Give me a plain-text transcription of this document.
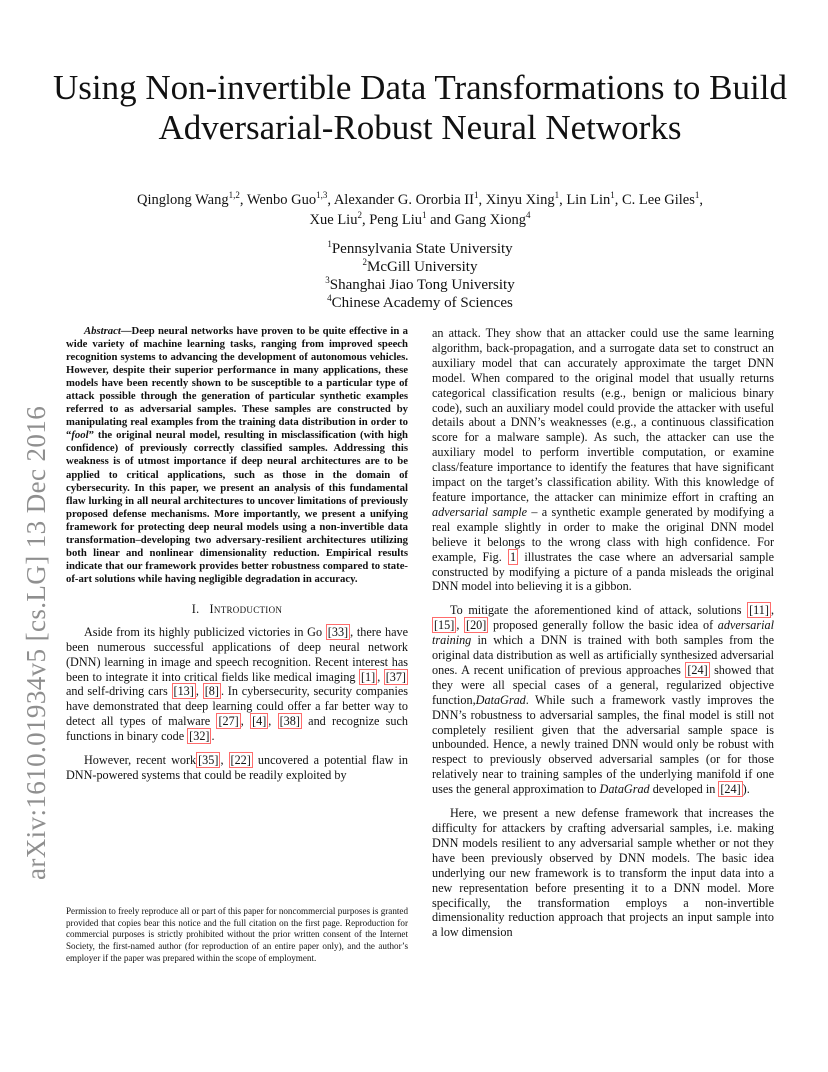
arXiv:1610.01934v5 [cs.LG] 13 Dec 2016
Using Non-invertible Data Transformations to Build
Adversarial-Robust Neural Networks
Qinglong Wang$^{1,2}$, Wenbo Guo$^{1,3}$, Alexander G. Ororbia $II^1$, Xinyu Xing$^1$, Lin Lin$^1$, C. Lee Giles$^1$,
Xue Liu$^2$, Peng Liu$^1$ and Gang Xiong$^4$
$^1$Pennsylvania State University
$^2$McGill University
$^3$Shanghai Jiao Tong University
$^4$Chinese Academy of Sciences

Abstract—Deep neural networks have proven to be quite effective in a wide variety of machine learning tasks, ranging from improved speech recognition systems to advancing the development of autonomous vehicles. However, despite their superior performance in many applications, these models have been recently shown to be susceptible to a particular type of attack possible through the generation of particular synthetic examples referred to as adversarial samples. These samples are constructed by manipulating real examples from the training data distribution in order to “fool” the original neural model, resulting in misclassification (with high confidence) of previously correctly classified samples. Addressing this weakness is of utmost importance if deep neural architectures are to be applied to critical applications, such as those in the domain of cybersecurity. In this paper, we present an analysis of this fundamental flaw lurking in all neural architectures to uncover limitations of previously proposed defense mechanisms. More importantly, we present a unifying framework for protecting deep neural models using a non-invertible data transformation–developing two adversary-resilient architectures utilizing both linear and nonlinear dimensionality reduction. Empirical results indicate that our framework provides better robustness compared to state-of-art solutions while having negligible degradation in accuracy.

I. Introduction

Aside from its highly publicized victories in Go [33] , there have been numerous successful applications of deep neural network (DNN) learning in image and speech recognition. Recent interest has been to integrate it into critical fields like medical imaging [1] , [37] and self-driving cars [13] , [8] . In cybersecurity, security companies have demonstrated that deep learning could offer a far better way to detect all types of malware [27] , [4] , [38] and recognize such functions in binary code [32] .

However, recent work [35] , [22] uncovered a potential flaw in DNN-powered systems that could be readily exploited by

Permission to freely reproduce all or part of this paper for noncommercial purposes is granted provided that copies bear this notice and the full citation on the first page. Reproduction for commercial purposes is strictly prohibited without the prior written consent of the Internet Society, the first-named author (for reproduction of an entire paper only), and the author’s employer if the paper was prepared within the scope of employment.

an attack. They show that an attacker could use the same learning algorithm, back-propagation, and a surrogate data set to construct an auxiliary model that can accurately approximate the target DNN model. When compared to the original model that usually returns categorical classification results (e.g., benign or malicious binary code), such an auxiliary model could provide the attacker with useful details about a DNN’s weaknesses (e.g., a continuous classification score for a malware sample). As such, the attacker can use the auxiliary model to perform invertible computation, or examine class/feature importance to identify the features that have significant impact on the target’s classification ability. With this knowledge of feature importance, the attacker can minimize effort in crafting an adversarial sample – a synthetic example generated by modifying a real example slightly in order to make the original DNN model believe it belongs to the wrong class with high confidence. For example, Fig. 1 illustrates the case where an adversarial sample constructed by modifying a picture of a panda misleads the original DNN model into believing it is a gibbon.

To mitigate the aforementioned kind of attack, solutions [11] , [15] , [20] proposed generally follow the basic idea of adversarial training in which a DNN is trained with both samples from the original data distribution as well as artificially synthesized adversarial ones. A recent unification of previous approaches [24] showed that they were all special cases of a general, regularized objective function,DataGrad. While such a framework vastly improves the DNN’s robustness to adversarial samples, the final model is still not completely resilient given that the adversarial sample space is unbounded. Hence, a newly trained DNN would only be robust with respect to previously observed adversarial samples (or for those relatively near to training samples of the underlying manifold if one uses the general approximation to DataGrad developed in [24] ).

Here, we present a new defense framework that increases the difficulty for attackers by crafting adversarial samples, i.e. making DNN models resilient to any adversarial sample whether or not they have been previously observed by DNN models. The basic idea underlying our new framework is to transform the input data into a new representation before presenting it to a DNN model. More specifically, the transformation employs a non-invertible dimensionality reduction approach that projects an input sample into a low dimension
